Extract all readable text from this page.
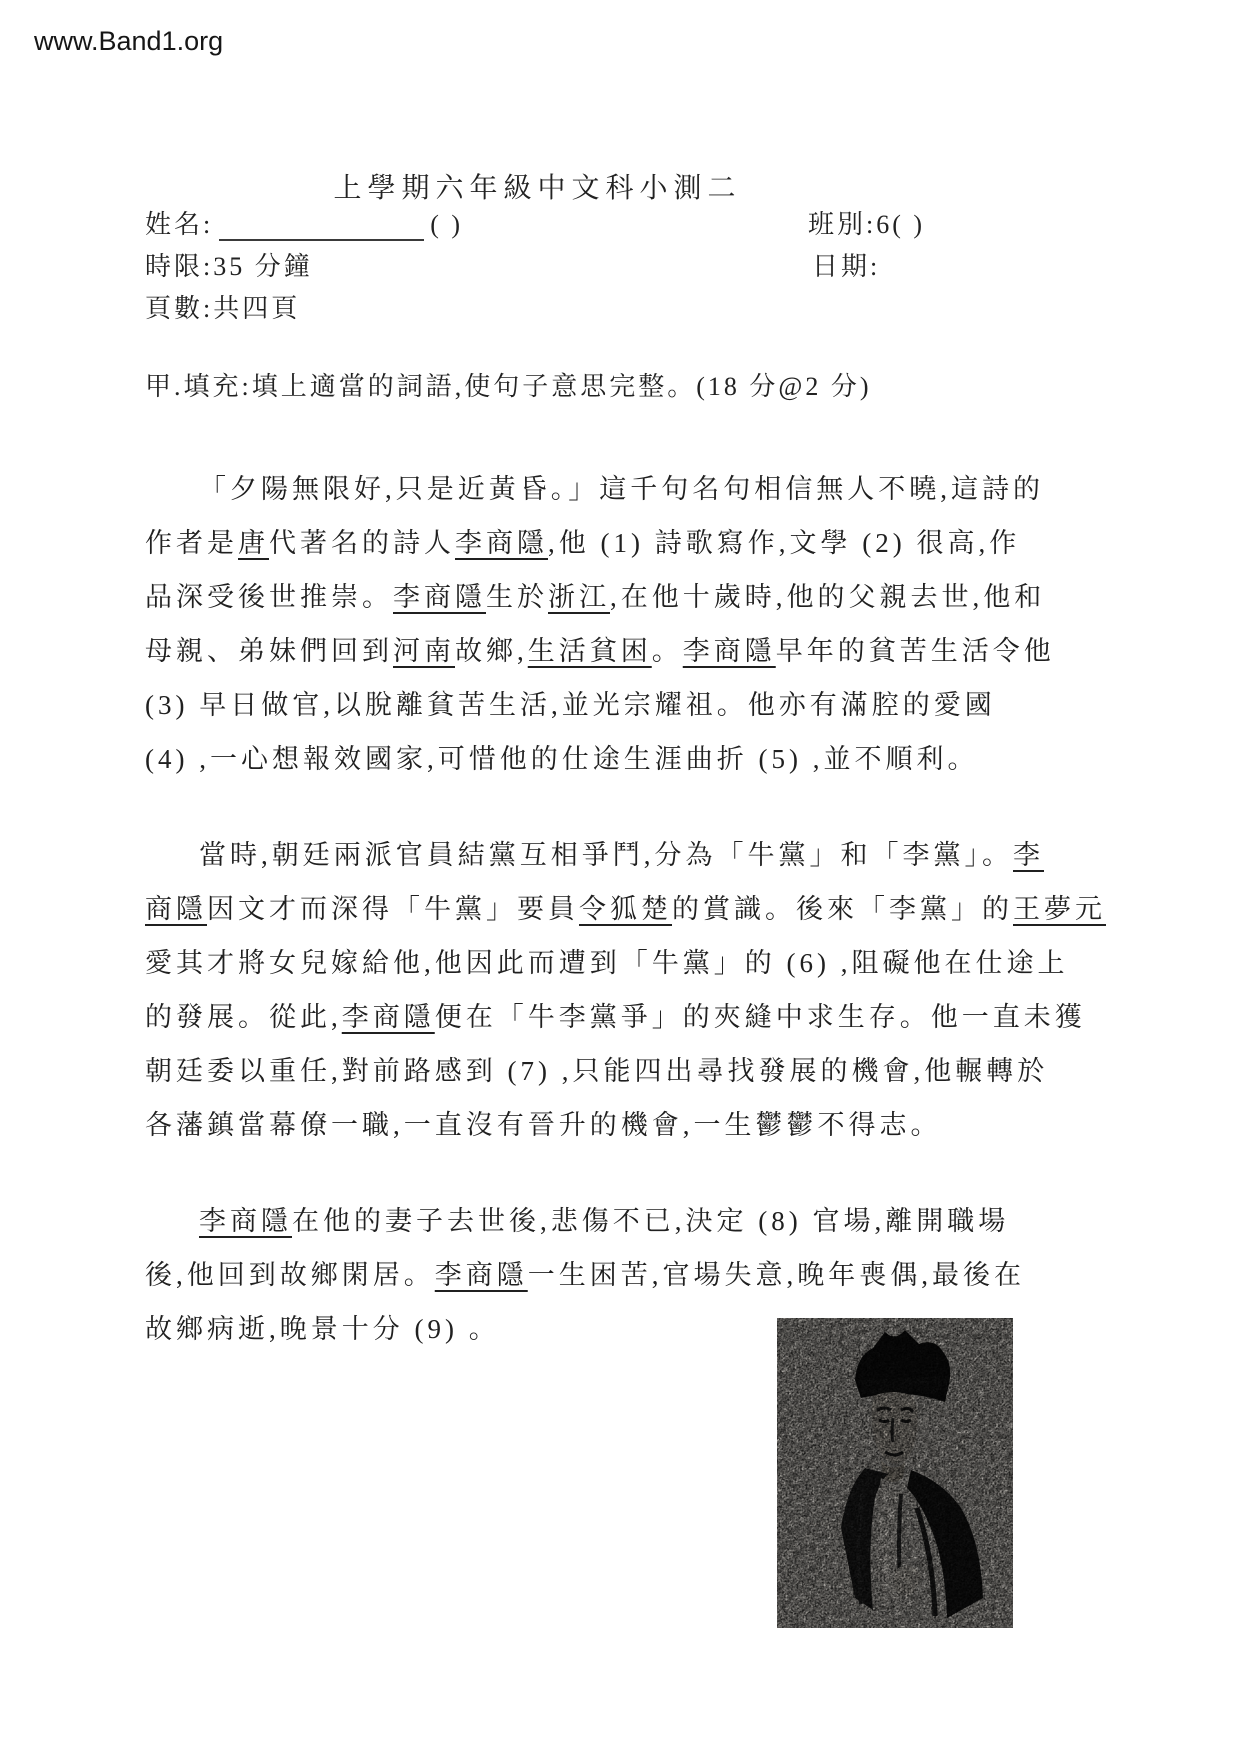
www.Band1.org
上學期六年級中文科小測二
姓名:	( )	班別:6( )
時限:35 分鐘	日期:
頁數:共四頁
甲.填充:填上適當的詞語,使句子意思完整。(18 分@2 分)
「夕陽無限好,只是近黃昏。」這千句名句相信無人不曉,這詩的
作者是唐代著名的詩人李商隱,他 (1) 詩歌寫作,文學 (2) 很高,作
品深受後世推崇。李商隱生於浙江,在他十歲時,他的父親去世,他和
母親、弟妹們回到河南故鄉,生活貧困。李商隱早年的貧苦生活令他
(3) 早日做官,以脫離貧苦生活,並光宗耀祖。他亦有滿腔的愛國
(4) ,一心想報效國家,可惜他的仕途生涯曲折 (5) ,並不順利。
當時,朝廷兩派官員結黨互相爭鬥,分為「牛黨」和「李黨」。李
商隱因文才而深得「牛黨」要員令狐楚的賞識。後來「李黨」的王夢元
愛其才將女兒嫁給他,他因此而遭到「牛黨」的 (6) ,阻礙他在仕途上
的發展。從此,李商隱便在「牛李黨爭」的夾縫中求生存。他一直未獲
朝廷委以重任,對前路感到 (7) ,只能四出尋找發展的機會,他輾轉於
各藩鎮當幕僚一職,一直沒有晉升的機會,一生鬱鬱不得志。
李商隱在他的妻子去世後,悲傷不已,決定 (8) 官場,離開職場
後,他回到故鄉閑居。李商隱一生困苦,官場失意,晚年喪偶,最後在
故鄉病逝,晚景十分 (9) 。
